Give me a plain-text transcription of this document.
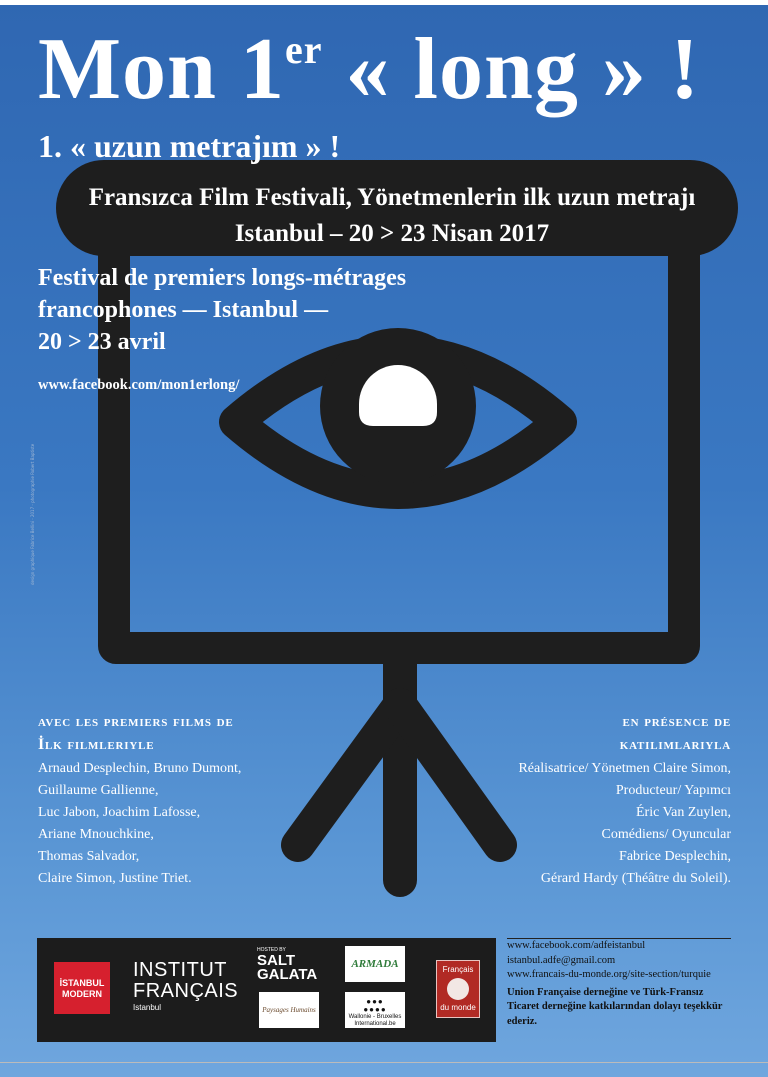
Mon 1er « long » !
1. « uzun metrajım » !
Fransızca Film Festivali, Yönetmenlerin ilk uzun metrajı Istanbul – 20 > 23 Nisan 2017
Festival de premiers longs-métrages
francophones — Istanbul —
20 > 23 avril
www.facebook.com/mon1erlong/
design graphique Fabrice Bellini - 2017 - photographie Robert Baptiste
avec les premiers films de
İlk filmleriyle
Arnaud Desplechin, Bruno Dumont,
Guillaume Gallienne,
Luc Jabon, Joachim Lafosse,
Ariane Mnouchkine,
Thomas Salvador,
Claire Simon, Justine Triet.
en présence de
katılımlarıyla
Réalisatrice/ Yönetmen Claire Simon,
Producteur/ Yapımcı
Éric Van Zuylen,
Comédiens/ Oyuncular
Fabrice Desplechin,
Gérard Hardy (Théâtre du Soleil).
İSTANBUL
MODERN
INSTITUT
FRANÇAIS
Istanbul
HOSTED BY
SALT
GALATA
Paysages Humains
ARMADA
●●●
●●●●
Wallonie - Bruxelles
International.be
Français
du monde
www.facebook.com/adfeistanbul
istanbul.adfe@gmail.com
www.francais-du-monde.org/site-section/turquie
Union Française derneğine ve Türk-Fransız Ticaret derneğine katkılarından dolayı teşekkür ederiz.
